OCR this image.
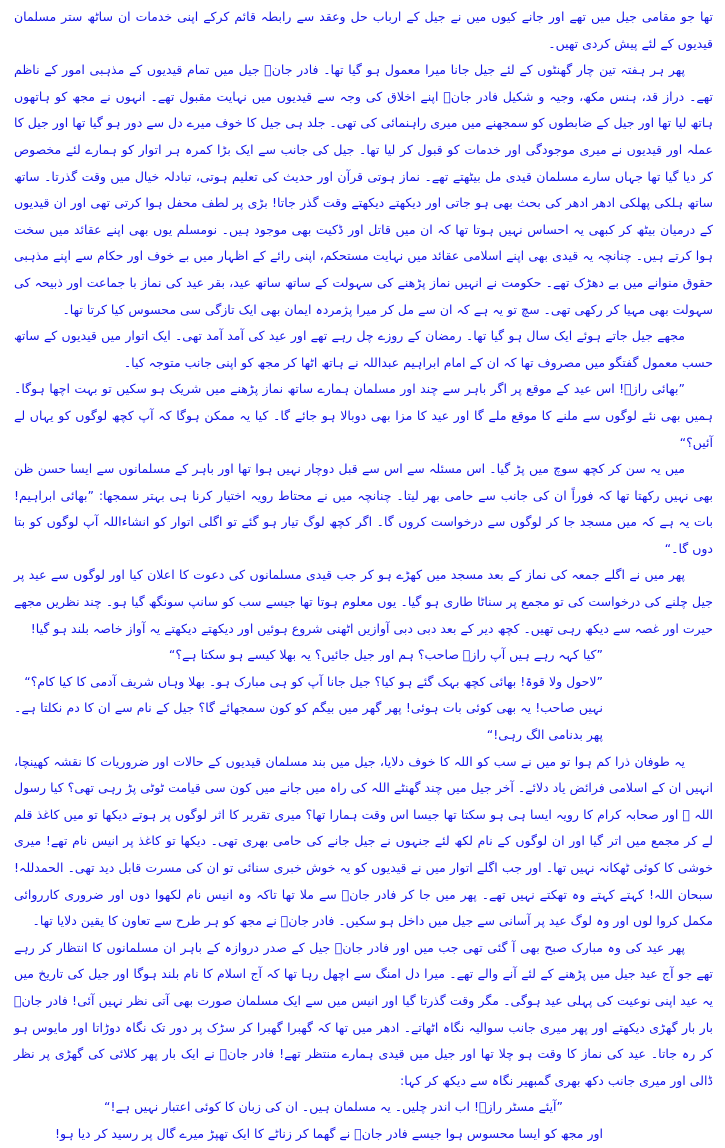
تھا جو مقامی جیل میں تھے اور جانے کیوں میں نے جیل کے ارباب حل وعقد سے رابطہ قائم کرکے اپنی خدمات ان ساٹھ ستر مسلمان قیدیوں کے لئے پیش کردی تھیں۔

پھر ہر ہفتہ تین چار گھنٹوں کے لئے جیل جانا میرا معمول ہو گیا تھا۔ فادر جانؔ جیل میں تمام قیدیوں کے مذہبی امور کے ناظم تھے۔ دراز قد، ہنس مکھ، وجیہ و شکیل فادر جانؔ اپنے اخلاق کی وجہ سے قیدیوں میں نہایت مقبول تھے۔ انہوں نے مجھ کو ہاتھوں ہاتھ لیا تھا اور جیل کے ضابطوں کو سمجھنے میں میری راہنمائی کی تھی۔ جلد ہی جیل کا خوف میرے دل سے دور ہو گیا تھا اور جیل کا عملہ اور قیدیوں نے میری موجودگی اور خدمات کو قبول کر لیا تھا۔ جیل کی جانب سے ایک بڑا کمرہ ہر اتوار کو ہمارے لئے مخصوص کر دیا گیا تھا جہاں سارے مسلمان قیدی مل بیٹھتے تھے۔ نماز ہوتی قرآن اور حدیث کی تعلیم ہوتی، تبادلہ خیال میں وقت گذرتا۔ ساتھ ساتھ ہلکی پھلکی ادھر ادھر کی بحث بھی ہو جاتی اور دیکھتے دیکھتے وقت گذر جاتا! بڑی پر لطف محفل ہوا کرتی تھی اور ان قیدیوں کے درمیان بیٹھ کر کبھی یہ احساس نہیں ہوتا تھا کہ ان میں قاتل اور ڈکیت بھی موجود ہیں۔ نومسلم یوں بھی اپنے عقائد میں سخت ہوا کرتے ہیں۔ چنانچہ یہ قیدی بھی اپنے اسلامی عقائد میں نہایت مستحکم، اپنی رائے کے اظہار میں بے خوف اور حکام سے اپنے مذہبی حقوق منوانے میں بے دھڑک تھے۔ حکومت نے انہیں نماز پڑھنے کی سہولت کے ساتھ ساتھ عید، بقر عید کی نماز با جماعت اور ذبیحہ کی سہولت بھی مہیا کر رکھی تھی۔ سچ تو یہ ہے کہ ان سے مل کر میرا پژمردہ ایمان بھی ایک تازگی سی محسوس کیا کرتا تھا۔

مجھے جیل جاتے ہوئے ایک سال ہو گیا تھا۔ رمضان کے روزے چل رہے تھے اور عید کی آمد آمد تھی۔ ایک اتوار میں قیدیوں کے ساتھ حسب معمول گفتگو میں مصروف تھا کہ ان کے امام ابراہیم عبداللہ نے ہاتھ اٹھا کر مجھ کو اپنی جانب متوجہ کیا۔

”بھائی رازؔ! اس عید کے موقع پر اگر باہر سے چند اور مسلمان ہمارے ساتھ نماز پڑھنے میں شریک ہو سکیں تو بہت اچھا ہوگا۔ ہمیں بھی نئے لوگوں سے ملنے کا موقع ملے گا اور عید کا مزا بھی دوبالا ہو جائے گا۔ کیا یہ ممکن ہوگا کہ آپ کچھ لوگوں کو یہاں لے آئیں؟“

میں یہ سن کر کچھ سوچ میں پڑ گیا۔ اس مسئلہ سے اس سے قبل دوچار نہیں ہوا تھا اور باہر کے مسلمانوں سے ایسا حسن ظن بھی نہیں رکھتا تھا کہ فوراً ان کی جانب سے حامی بھر لیتا۔ چنانچہ میں نے محتاط رویہ اختیار کرنا ہی بہتر سمجھا: ”بھائی ابراہیم! بات یہ ہے کہ میں مسجد جا کر لوگوں سے درخواست کروں گا۔ اگر کچھ لوگ تیار ہو گئے تو اگلی اتوار کو انشاءاللہ آپ لوگوں کو بتا دوں گا۔“

پھر میں نے اگلے جمعہ کی نماز کے بعد مسجد میں کھڑے ہو کر جب قیدی مسلمانوں کی دعوت کا اعلان کیا اور لوگوں سے عید پر جیل چلنے کی درخواست کی تو مجمع پر سناٹا طاری ہو گیا۔ یوں معلوم ہوتا تھا جیسے سب کو سانپ سونگھ گیا ہو۔ چند نظریں مجھے حیرت اور غصہ سے دیکھ رہی تھیں۔ کچھ دیر کے بعد دبی دبی آوازیں اٹھنی شروع ہوئیں اور دیکھتے دیکھتے یہ آواز خاصہ بلند ہو گیا!

”کیا کہہ رہے ہیں آپ رازؔ صاحب؟ ہم اور جیل جائیں؟ یہ بھلا کیسے ہو سکتا ہے؟“

”لاحول ولا قوۃ! بھائی کچھ بہک گئے ہو کیا؟ جیل جانا آپ کو ہی مبارک ہو۔ بھلا وہاں شریف آدمی کا کیا کام؟“

نہیں صاحب! یہ بھی کوئی بات ہوئی! پھر گھر میں بیگم کو کون سمجھائے گا؟ جیل کے نام سے ان کا دم نکلتا ہے۔ پھر بدنامی الگ رہی!“

یہ طوفان ذرا کم ہوا تو میں نے سب کو اللہ کا خوف دلایا، جیل میں بند مسلمان قیدیوں کے حالات اور ضروریات کا نقشہ کھینچا، انہیں ان کے اسلامی فرائض یاد دلائے۔ آخر جیل میں چند گھنٹے اللہ کی راہ میں جانے میں کون سی قیامت ٹوٹی پڑ رہی تھی؟ کیا رسول اللہ ﷺ اور صحابہ کرام کا رویہ ایسا ہی ہو سکتا تھا جیسا اس وقت ہمارا تھا؟ میری تقریر کا اثر لوگوں پر ہوتے دیکھا تو میں کاغذ قلم لے کر مجمع میں اتر گیا اور ان لوگوں کے نام لکھ لئے جنہوں نے جیل جانے کی حامی بھری تھی۔ دیکھا تو کاغذ پر انیس نام تھے! میری خوشی کا کوئی ٹھکانہ نہیں تھا۔ اور جب اگلے اتوار میں نے قیدیوں کو یہ خوش خبری سنائی تو ان کی مسرت قابل دید تھی۔ الحمدللہ! سبحان اللہ! کہتے کہتے وہ تھکتے نہیں تھے۔ پھر میں جا کر فادر جانؔ سے ملا تھا تاکہ وہ انیس نام لکھوا دوں اور ضروری کارروائی مکمل کروا لوں اور وہ لوگ عید پر آسانی سے جیل میں داخل ہو سکیں۔ فادر جانؔ نے مجھ کو ہر طرح سے تعاون کا یقین دلایا تھا۔

پھر عید کی وہ مبارک صبح بھی آ گئی تھی جب میں اور فادر جانؔ جیل کے صدر دروازہ کے باہر ان مسلمانوں کا انتظار کر رہے تھے جو آج عید جیل میں پڑھنے کے لئے آنے والے تھے۔ میرا دل امنگ سے اچھل رہا تھا کہ آج اسلام کا نام بلند ہوگا اور جیل کی تاریخ میں یہ عید اپنی نوعیت کی پہلی عید ہوگی۔ مگر وقت گذرتا گیا اور انیس میں سے ایک مسلمان صورت بھی آتی نظر نہیں آئی! فادر جانؔ بار بار گھڑی دیکھتے اور پھر میری جانب سوالیہ نگاہ اٹھاتے۔ ادھر میں تھا کہ گھبرا گھبرا کر سڑک پر دور تک نگاہ دوڑاتا اور مایوس ہو کر رہ جاتا۔ عید کی نماز کا وقت ہو چلا تھا اور جیل میں قیدی ہمارے منتظر تھے! فادر جانؔ نے ایک بار پھر کلائی کی گھڑی پر نظر ڈالی اور میری جانب دکھ بھری گمبھیر نگاہ سے دیکھ کر کہا:

”آیئے مسٹر رازؔ! اب اندر چلیں۔ یہ مسلمان ہیں۔ ان کی زبان کا کوئی اعتبار نہیں ہے!“

اور مجھ کو ایسا محسوس ہوا جیسے فادر جانؔ نے گھما کر زناٹے کا ایک تھپڑ میرے گال پر رسید کر دیا ہو!
